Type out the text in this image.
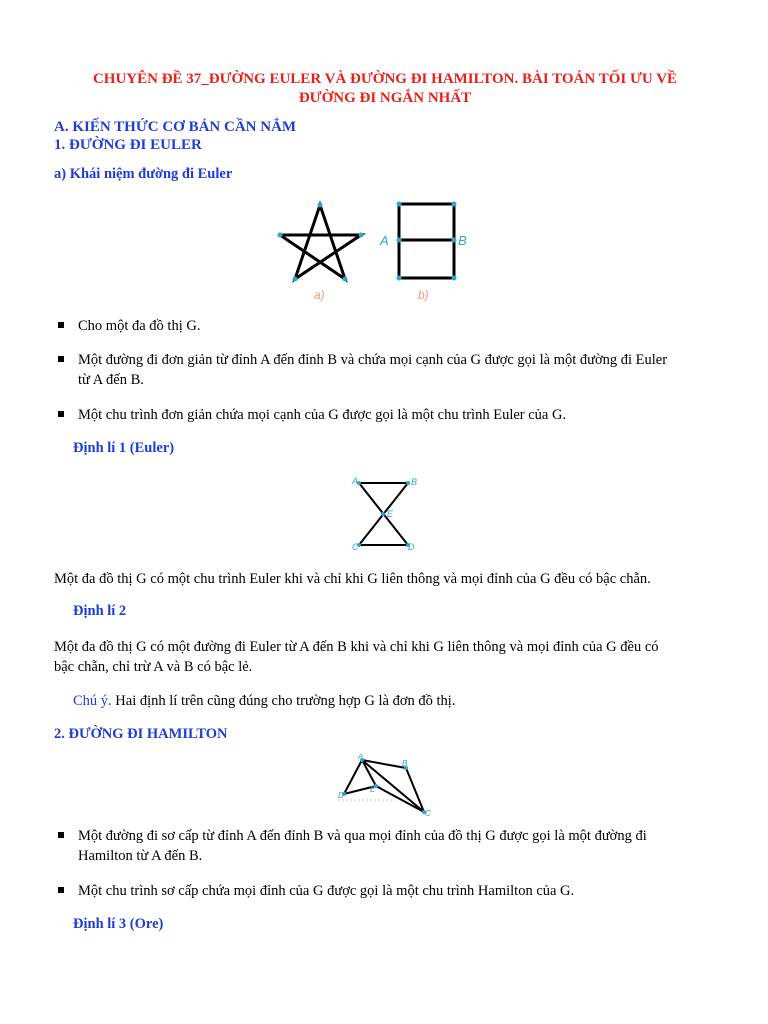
CHUYÊN ĐỀ 37_ĐƯỜNG EULER VÀ ĐƯỜNG ĐI HAMILTON. BÀI TOÁN TỐI ƯU VỀ
ĐƯỜNG ĐI NGẮN NHẤT
A. KIẾN THỨC CƠ BẢN CẦN NẮM
1. ĐƯỜNG ĐI EULER
a) Khái niệm đường đi Euler
A	B
a)	b)
Cho một đa đồ thị G.
Một đường đi đơn giản từ đỉnh A đến đỉnh B và chứa mọi cạnh của G được gọi là một đường đi Euler
từ A đến B.
Một chu trình đơn giản chứa mọi cạnh của G được gọi là một chu trình Euler của G.
Định lí 1 (Euler)
A	B
E
C	D
Một đa đồ thị G có một chu trình Euler khi và chỉ khi G liên thông và mọi đỉnh của G đều có bậc chẵn.
Định lí 2
Một đa đồ thị G có một đường đi Euler từ A đến B khi và chỉ khi G liên thông và mọi đỉnh của G đều có
bậc chẵn, chỉ trừ A và B có bậc lẻ.
Chú ý. Hai định lí trên cũng đúng cho trường hợp G là đơn đồ thị.
2. ĐƯỜNG ĐI HAMILTON
A
B
E
D
C
Một đường đi sơ cấp từ đỉnh A đến đỉnh B và qua mọi đỉnh của đồ thị G được gọi là một đường đi
Hamilton từ A đến B.
Một chu trình sơ cấp chứa mọi đỉnh của G được gọi là một chu trình Hamilton của G.
Định lí 3 (Ore)
